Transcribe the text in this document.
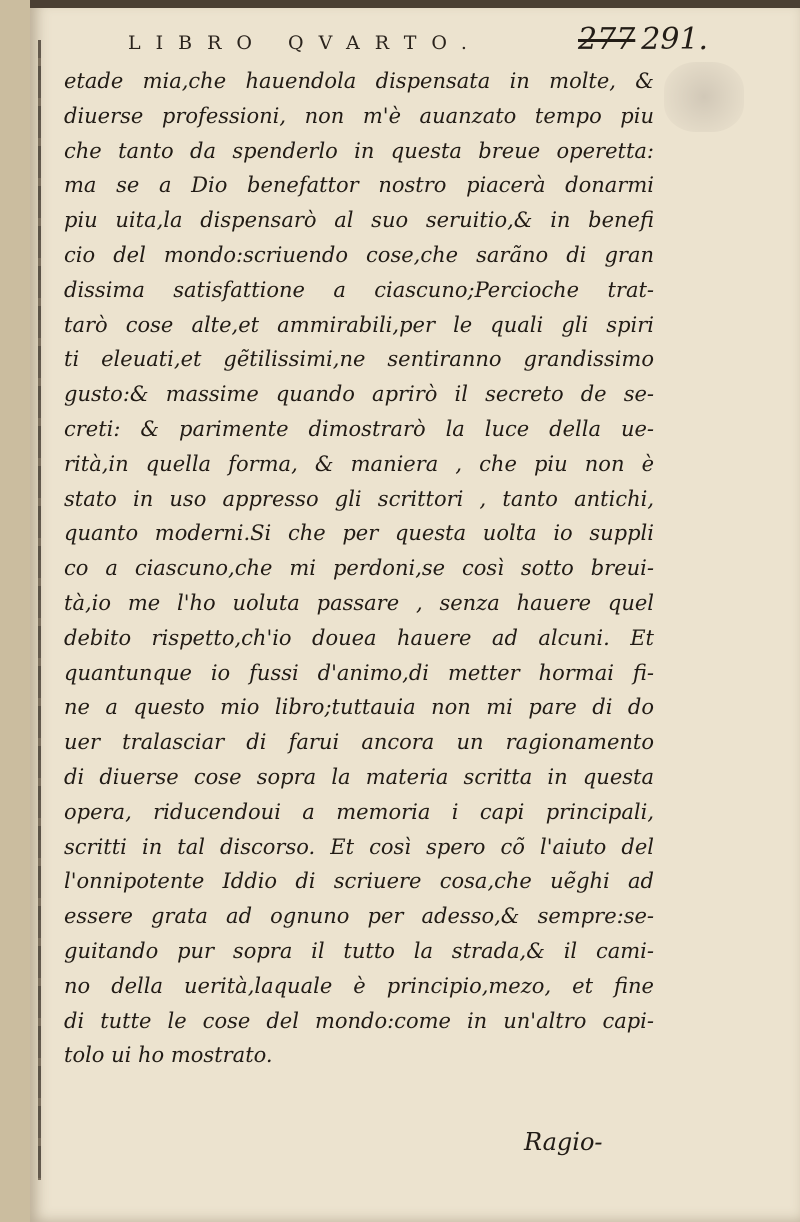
LIBRO QVARTO.	277 291.
etade mia,che hauendola dispensata in molte, &
diuerse professioni, non m'è auanzato tempo piu
che tanto da spenderlo in questa breue operetta:
ma se a Dio benefattor nostro piacerà donarmi
piu uita,la dispensarò al suo seruitio,& in benefi
cio del mondo:scriuendo cose,che sarãno di gran
dissima satisfattione a ciascuno;Percioche trat-
tarò cose alte,et ammirabili,per le quali gli spiri
ti eleuati,et gẽtilissimi,ne sentiranno grandissimo
gusto:& massime quando aprirò il secreto de se-
creti: & parimente dimostrarò la luce della ue-
rità,in quella forma, & maniera , che piu non è
stato in uso appresso gli scrittori , tanto antichi,
quanto moderni.Si che per questa uolta io suppli
co a ciascuno,che mi perdoni,se così sotto breui-
tà,io me l'ho uoluta passare , senza hauere quel
debito rispetto,ch'io doueа hauere ad alcuni. Et
quantunque io fussi d'animo,di metter hormai fi-
ne a questo mio libro;tuttauia non mi pare di do
uer tralasciar di farui ancora un ragionamento
di diuerse cose sopra la materia scritta in questa
opera, riducendoui a memoria i capi principali,
scritti in tal discorso. Et così spero cõ l'aiuto del
l'onnipotente Iddio di scriuere cosa,che uẽghi ad
essere grata ad ognuno per adesso,& sempre:se-
guitando pur sopra il tutto la strada,& il cami-
no della uerità,laquale è principio,mezo, et fine
di tutte le cose del mondo:come in un'altro capi-
tolo ui ho mostrato.
Ragio-
